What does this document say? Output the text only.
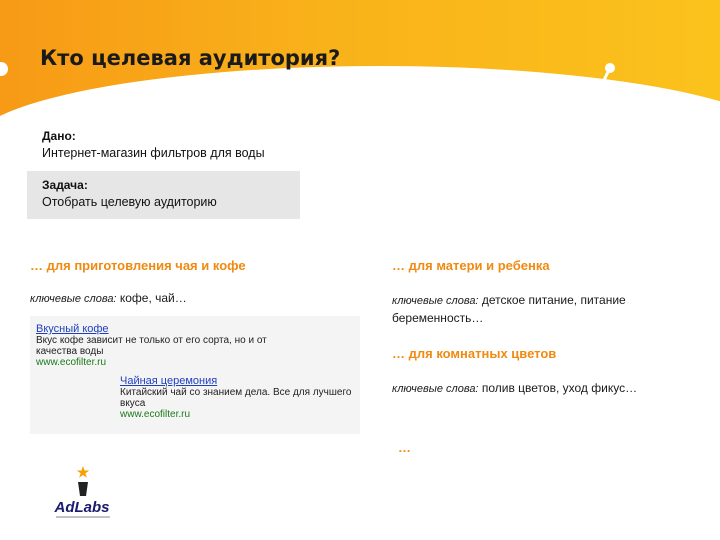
Кто целевая аудитория?
Дано:
Интернет-магазин фильтров для воды
Задача:
Отобрать целевую аудиторию
… для приготовления чая и кофе
ключевые слова: кофе, чай…
Вкусный кофе
Вкус кофе зависит не только от его сорта, но и от
качества воды
www.ecofilter.ru
Чайная церемония
Китайский чай со знанием дела. Все для лучшего
вкуса
www.ecofilter.ru
… для матери и ребенка
ключевые слова: детское питание, питание беременность…
… для комнатных цветов
ключевые слова: полив цветов, уход фикус…
…
★
AdLabs
